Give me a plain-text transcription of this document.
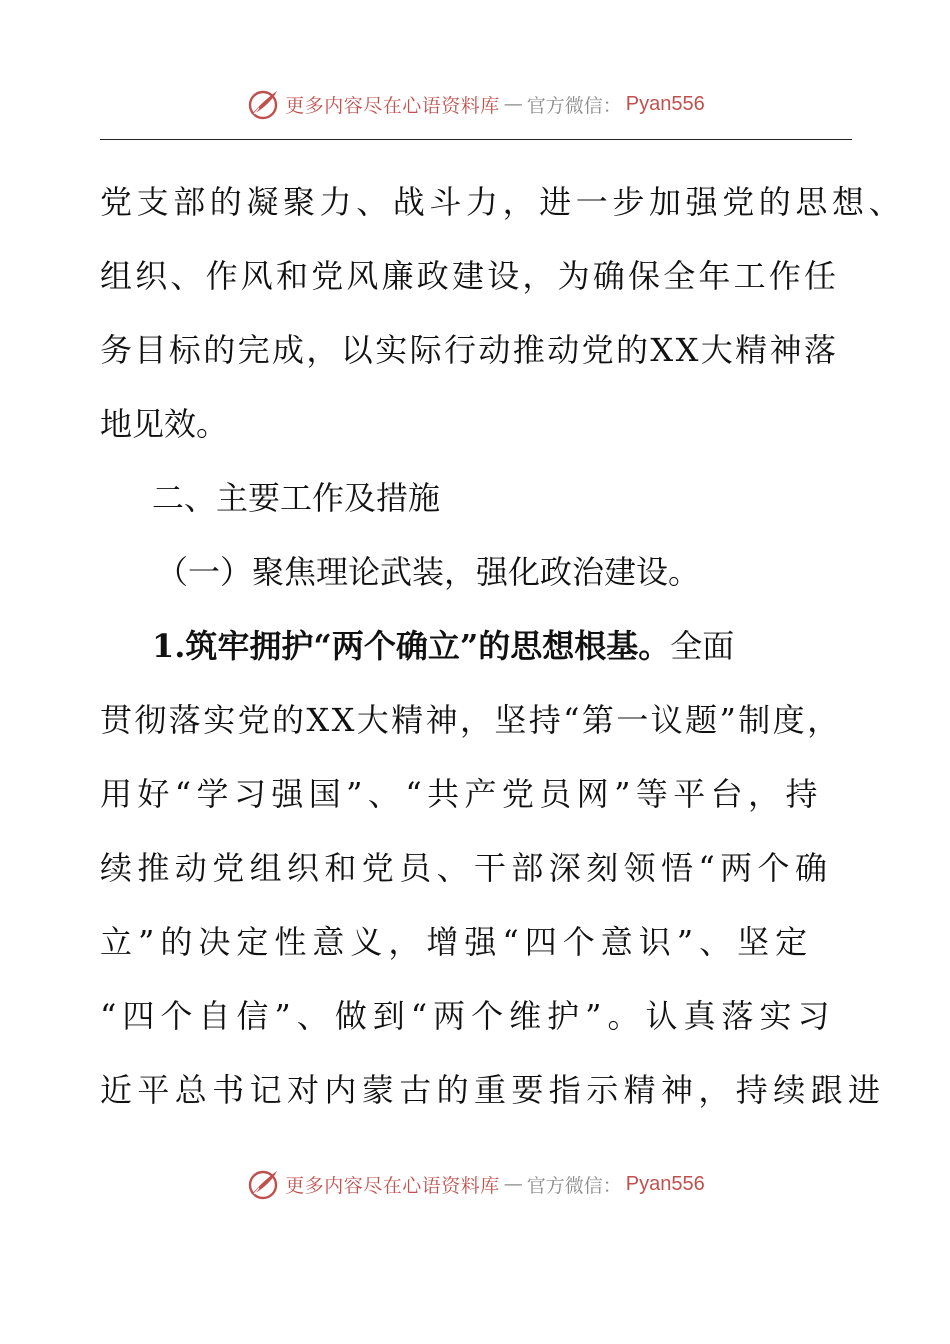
更多内容尽在心语资料库 — 官方微信： Pyan556
党支部的凝聚力、战斗力，进一步加强党的思想、
组织、作风和党风廉政建设，为确保全年工作任
务目标的完成，以实际行动推动党的XX大精神落
地见效。
二、主要工作及措施
（一）聚焦理论武装，强化政治建设。
1.筑牢拥护“两个确立”的思想根基。全面
贯彻落实党的XX大精神，坚持“第一议题”制度，
用好“学习强国”、“共产党员网”等平台，持
续推动党组织和党员、干部深刻领悟“两个确
立”的决定性意义，增强“四个意识”、坚定
“四个自信”、做到“两个维护”。认真落实习
近平总书记对内蒙古的重要指示精神，持续跟进
更多内容尽在心语资料库 — 官方微信： Pyan556
